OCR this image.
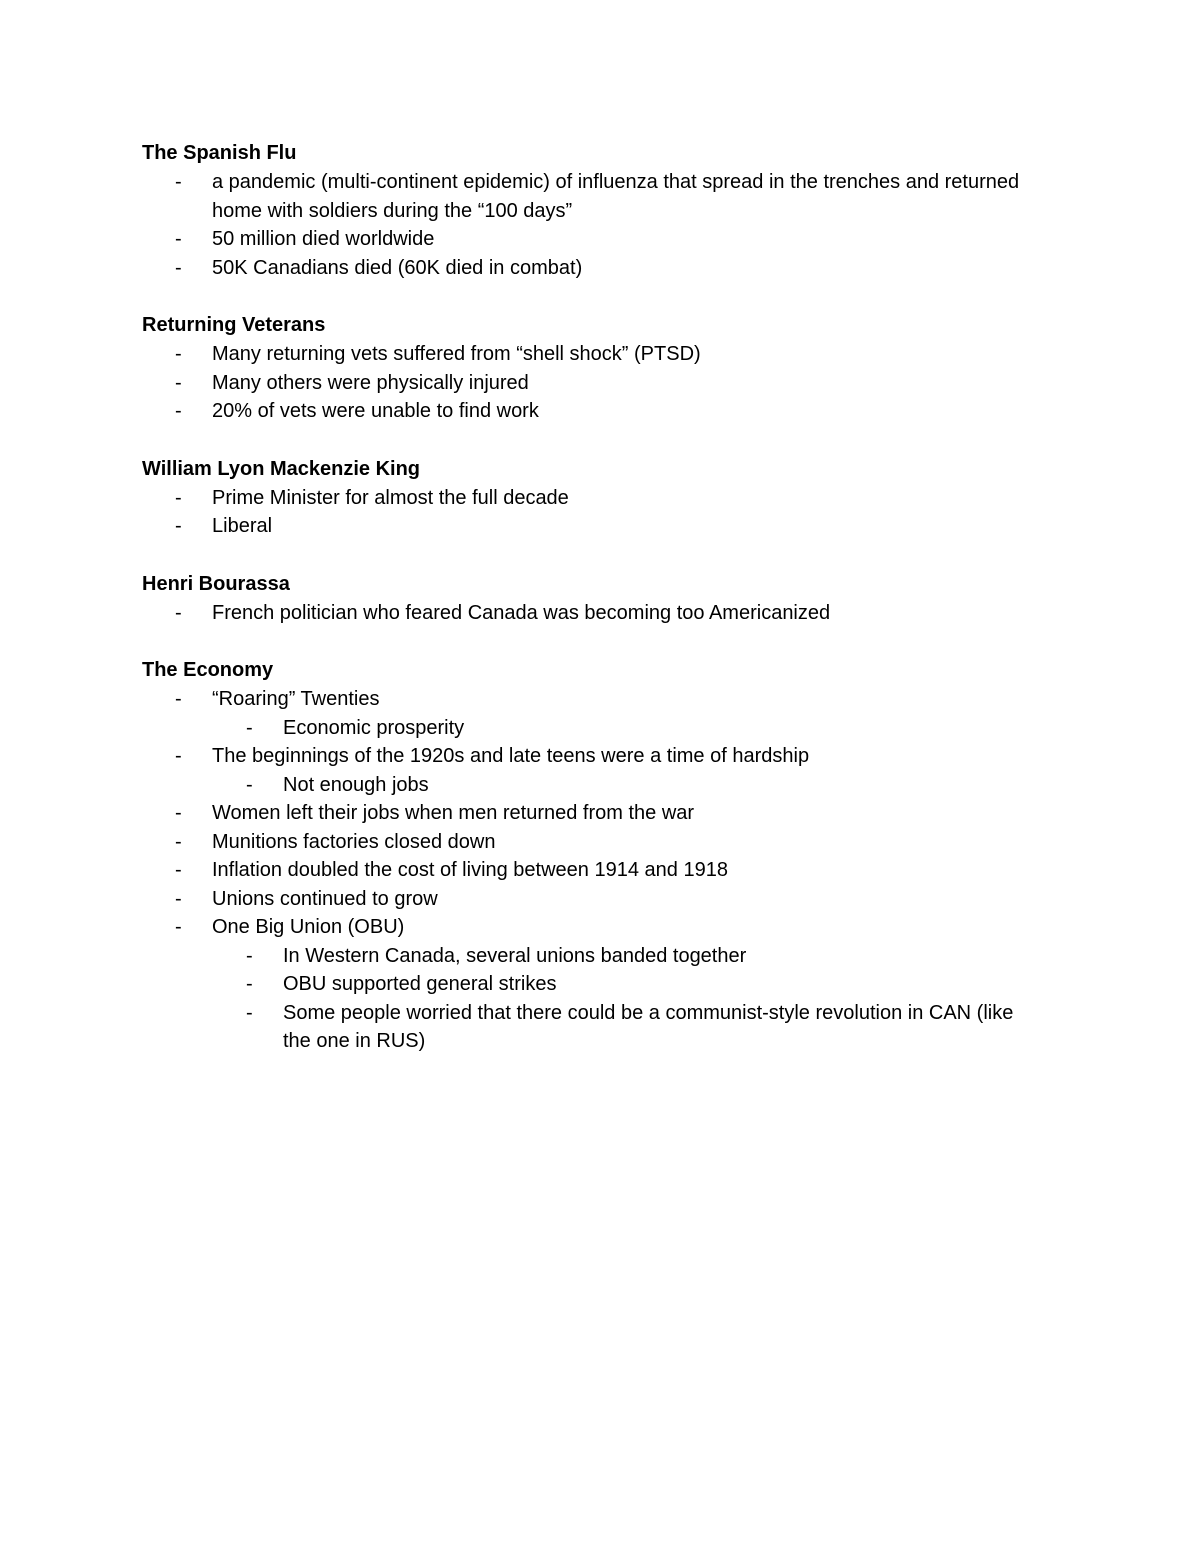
The Spanish Flu

- a pandemic (multi-continent epidemic) of influenza that spread in the trenches and returned home with soldiers during the “100 days”
- 50 million died worldwide
- 50K Canadians died (60K died in combat)

Returning Veterans

- Many returning vets suffered from “shell shock” (PTSD)
- Many others were physically injured
- 20% of vets were unable to find work

William Lyon Mackenzie King

- Prime Minister for almost the full decade
- Liberal

Henri Bourassa

- French politician who feared Canada was becoming too Americanized

The Economy

- “Roaring” Twenties
- Economic prosperity
- The beginnings of the 1920s and late teens were a time of hardship
- Not enough jobs
- Women left their jobs when men returned from the war
- Munitions factories closed down
- Inflation doubled the cost of living between 1914 and 1918
- Unions continued to grow
- One Big Union (OBU)
- In Western Canada, several unions banded together
- OBU supported general strikes
- Some people worried that there could be a communist-style revolution in CAN (like the one in RUS)
